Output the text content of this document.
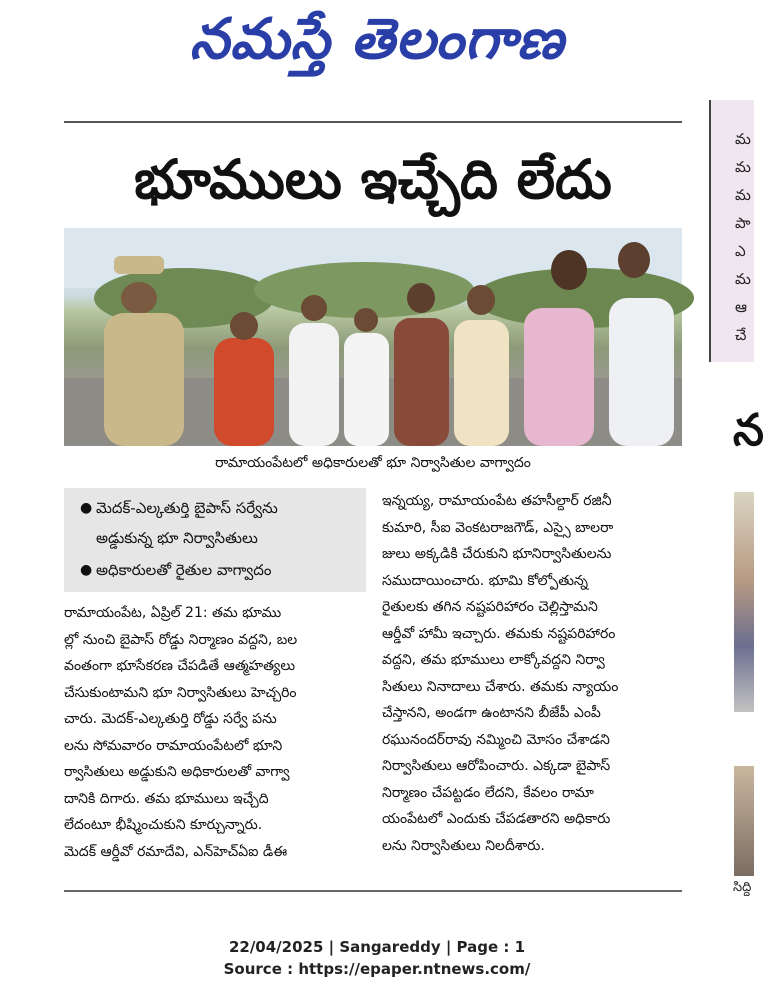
నమస్తే తెలంగాణ
భూములు ఇచ్చేది లేదు
రామాయంపేటలో అధికారులతో భూ నిర్వాసితుల వాగ్వాదం
● మెదక్-ఎల్కతుర్తి బైపాస్ సర్వేను
అడ్డుకున్న భూ నిర్వాసితులు
● అధికారులతో రైతుల వాగ్వాదం
రామాయంపేట, ఏప్రిల్ 21: తమ భూము
ల్లో నుంచి బైపాస్ రోడ్డు నిర్మాణం వద్దని, బల
వంతంగా భూసేకరణ చేపడితే ఆత్మహత్యలు
చేసుకుంటామని భూ నిర్వాసితులు హెచ్చరిం
చారు. మెదక్-ఎల్కతుర్తి రోడ్డు సర్వే పను
లను సోమవారం రామాయంపేటలో భూని
ర్వాసితులు అడ్డుకుని అధికారులతో వాగ్వా
దానికి దిగారు. తమ భూములు ఇచ్చేది
లేదంటూ భీష్మించుకుని కూర్చున్నారు.
మెదక్ ఆర్డీవో రమాదేవి, ఎన్‌హెచ్‌ఏఐ డీఈ
ఇన్నయ్య, రామాయంపేట తహసీల్దార్ రజినీ
కుమారి, సీఐ వెంకటరాజగౌడ్, ఎస్సై బాలరా
జులు అక్కడికి చేరుకుని భూనిర్వాసితులను
సముదాయించారు. భూమి కోల్పోతున్న
రైతులకు తగిన నష్టపరిహారం చెల్లిస్తామని
ఆర్డీవో హామీ ఇచ్చారు. తమకు నష్టపరిహారం
వద్దని, తమ భూములు లాక్కోవద్దని నిర్వా
సితులు నినాదాలు చేశారు. తమకు న్యాయం
చేస్తానని, అండగా ఉంటానని బీజేపీ ఎంపీ
రఘునందర్‌రావు నమ్మించి మోసం చేశాడని
నిర్వాసితులు ఆరోపించారు. ఎక్కడా బైపాస్
నిర్మాణం చేపట్టడం లేదని, కేవలం రామా
యంపేటలో ఎందుకు చేపడతారని అధికారు
లను నిర్వాసితులు నిలదీశారు.
మ
మ
మ
పా
ఎ
మ
ఆ
చే
న
సిద్ది
22/04/2025 | Sangareddy | Page : 1
Source : https://epaper.ntnews.com/
